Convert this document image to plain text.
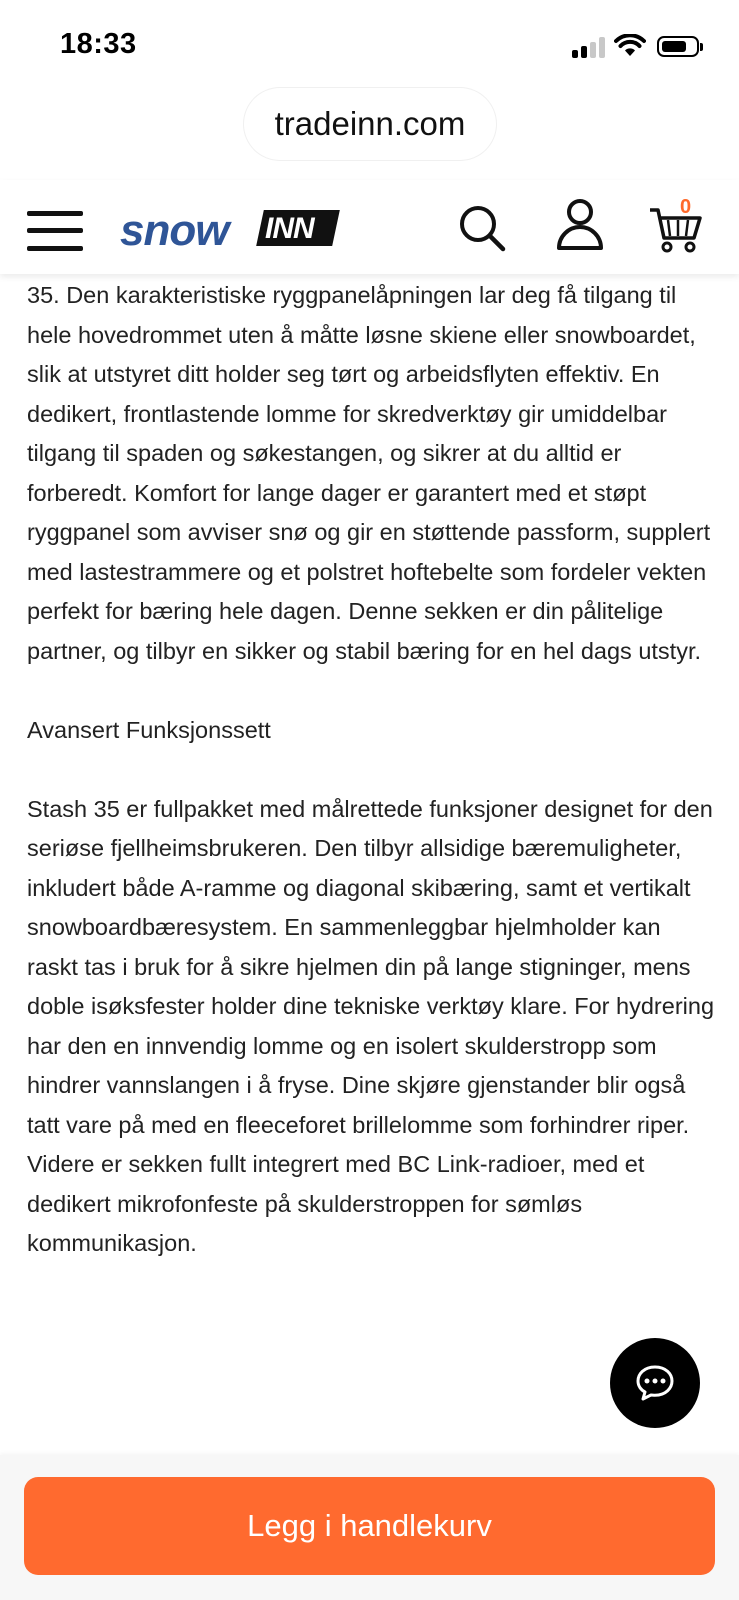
18:33
tradeinn.com
snow INN
0

35. Den karakteristiske ryggpanelåpningen lar deg få tilgang til hele hovedrommet uten å måtte løsne skiene eller snowboardet, slik at utstyret ditt holder seg tørt og arbeidsflyten effektiv. En dedikert, frontlastende lomme for skredverktøy gir umiddelbar tilgang til spaden og søkestangen, og sikrer at du alltid er forberedt. Komfort for lange dager er garantert med et støpt ryggpanel som avviser snø og gir en støttende passform, supplert med lastestrammere og et polstret hoftebelte som fordeler vekten perfekt for bæring hele dagen. Denne sekken er din pålitelige partner, og tilbyr en sikker og stabil bæring for en hel dags utstyr.

Avansert Funksjonssett

Stash 35 er fullpakket med målrettede funksjoner designet for den seriøse fjellheimsbrukeren. Den tilbyr allsidige bæremuligheter, inkludert både A-ramme og diagonal skibæring, samt et vertikalt snowboardbæresystem. En sammenleggbar hjelmholder kan raskt tas i bruk for å sikre hjelmen din på lange stigninger, mens doble isøksfester holder dine tekniske verktøy klare. For hydrering har den en innvendig lomme og en isolert skulderstropp som hindrer vannslangen i å fryse. Dine skjøre gjenstander blir også tatt vare på med en fleeceforet brillelomme som forhindrer riper. Videre er sekken fullt integrert med BC Link-radioer, med et dedikert mikrofonfeste på skulderstroppen for sømløs kommunikasjon.

Legg i handlekurv
